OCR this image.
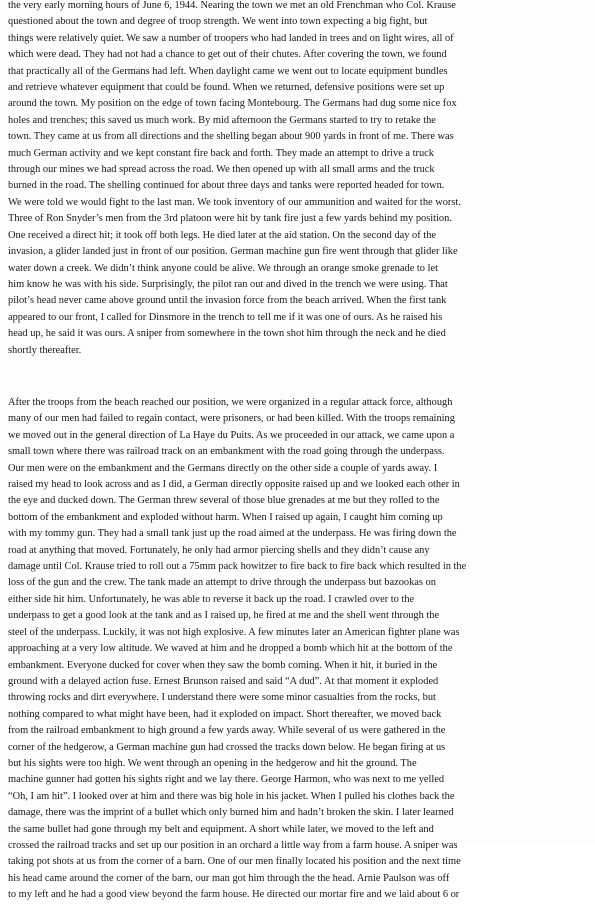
the very early morning hours of June 6, 1944. Nearing the town we met an old Frenchman who Col. Krause
questioned about the town and degree of troop strength. We went into town expecting a big fight, but
things were relatively quiet. We saw a number of troopers who had landed in trees and on light wires, all of
which were dead. They had not had a chance to get out of their chutes. After covering the town, we found
that practically all of the Germans had left. When daylight came we went out to locate equipment bundles
and retrieve whatever equipment that could be found. When we returned, defensive positions were set up
around the town. My position on the edge of town facing Montebourg. The Germans had dug some nice fox
holes and trenches; this saved us much work. By mid afternoon the Germans started to try to retake the
town. They came at us from all directions and the shelling began about 900 yards in front of me. There was
much German activity and we kept constant fire back and forth. They made an attempt to drive a truck
through our mines we had spread across the road. We then opened up with all small arms and the truck
burned in the road. The shelling continued for about three days and tanks were reported headed for town.
We were told we would fight to the last man. We took inventory of our ammunition and waited for the worst.
Three of Ron Snyder’s men from the 3rd platoon were hit by tank fire just a few yards behind my position.
One received a direct hit; it took off both legs. He died later at the aid station. On the second day of the
invasion, a glider landed just in front of our position. German machine gun fire went through that glider like
water down a creek. We didn’t think anyone could be alive. We through an orange smoke grenade to let
him know he was with his side. Surprisingly, the pilot ran out and dived in the trench we were using. That
pilot’s head never came above ground until the invasion force from the beach arrived. When the first tank
appeared to our front, I called for Dinsmore in the trench to tell me if it was one of ours. As he raised his
head up, he said it was ours. A sniper from somewhere in the town shot him through the neck and he died
shortly thereafter.

After the troops from the beach reached our position, we were organized in a regular attack force, although
many of our men had failed to regain contact, were prisoners, or had been killed. With the troops remaining
we moved out in the general direction of La Haye du Puits. As we proceeded in our attack, we came upon a
small town where there was railroad track on an embankment with the road going through the underpass.
Our men were on the embankment and the Germans directly on the other side a couple of yards away. I
raised my head to look across and as I did, a German directly opposite raised up and we looked each other in
the eye and ducked down. The German threw several of those blue grenades at me but they rolled to the
bottom of the embankment and exploded without harm. When I raised up again, I caught him coming up
with my tommy gun. They had a small tank just up the road aimed at the underpass. He was firing down the
road at anything that moved. Fortunately, he only had armor piercing shells and they didn’t cause any
damage until Col. Krause tried to roll out a 75mm pack howitzer to fire back to fire back which resulted in the
loss of the gun and the crew. The tank made an attempt to drive through the underpass but bazookas on
either side hit him. Unfortunately, he was able to reverse it back up the road. I crawled over to the
underpass to get a good look at the tank and as I raised up, he fired at me and the shell went through the
steel of the underpass. Luckily, it was not high explosive. A few minutes later an American fighter plane was
approaching at a very low altitude. We waved at him and he dropped a bomb which hit at the bottom of the
embankment. Everyone ducked for cover when they saw the bomb coming. When it hit, it buried in the
ground with a delayed action fuse. Ernest Brunson raised and said “A dud”. At that moment it exploded
throwing rocks and dirt everywhere. I understand there were some minor casualties from the rocks, but
nothing compared to what might have been, had it exploded on impact. Short thereafter, we moved back
from the railroad embankment to high ground a few yards away. While several of us were gathered in the
corner of the hedgerow, a German machine gun had crossed the tracks down below. He began firing at us
but his sights were too high. We went through an opening in the hedgerow and hit the ground. The
machine gunner had gotten his sights right and we lay there. George Harmon, who was next to me yelled
“Oh, I am hit”. I looked over at him and there was big hole in his jacket. When I pulled his clothes back the
damage, there was the imprint of a bullet which only burned him and hadn’t broken the skin. I later learned
the same bullet had gone through my belt and equipment. A short while later, we moved to the left and
crossed the railroad tracks and set up our position in an orchard a little way from a farm house. A sniper was
taking pot shots at us from the corner of a barn. One of our men finally located his position and the next time
his head came around the corner of the barn, our man got him through the the head. Arnie Paulson was off
to my left and he had a good view beyond the farm house. He directed our mortar fire and we laid about 6 or
